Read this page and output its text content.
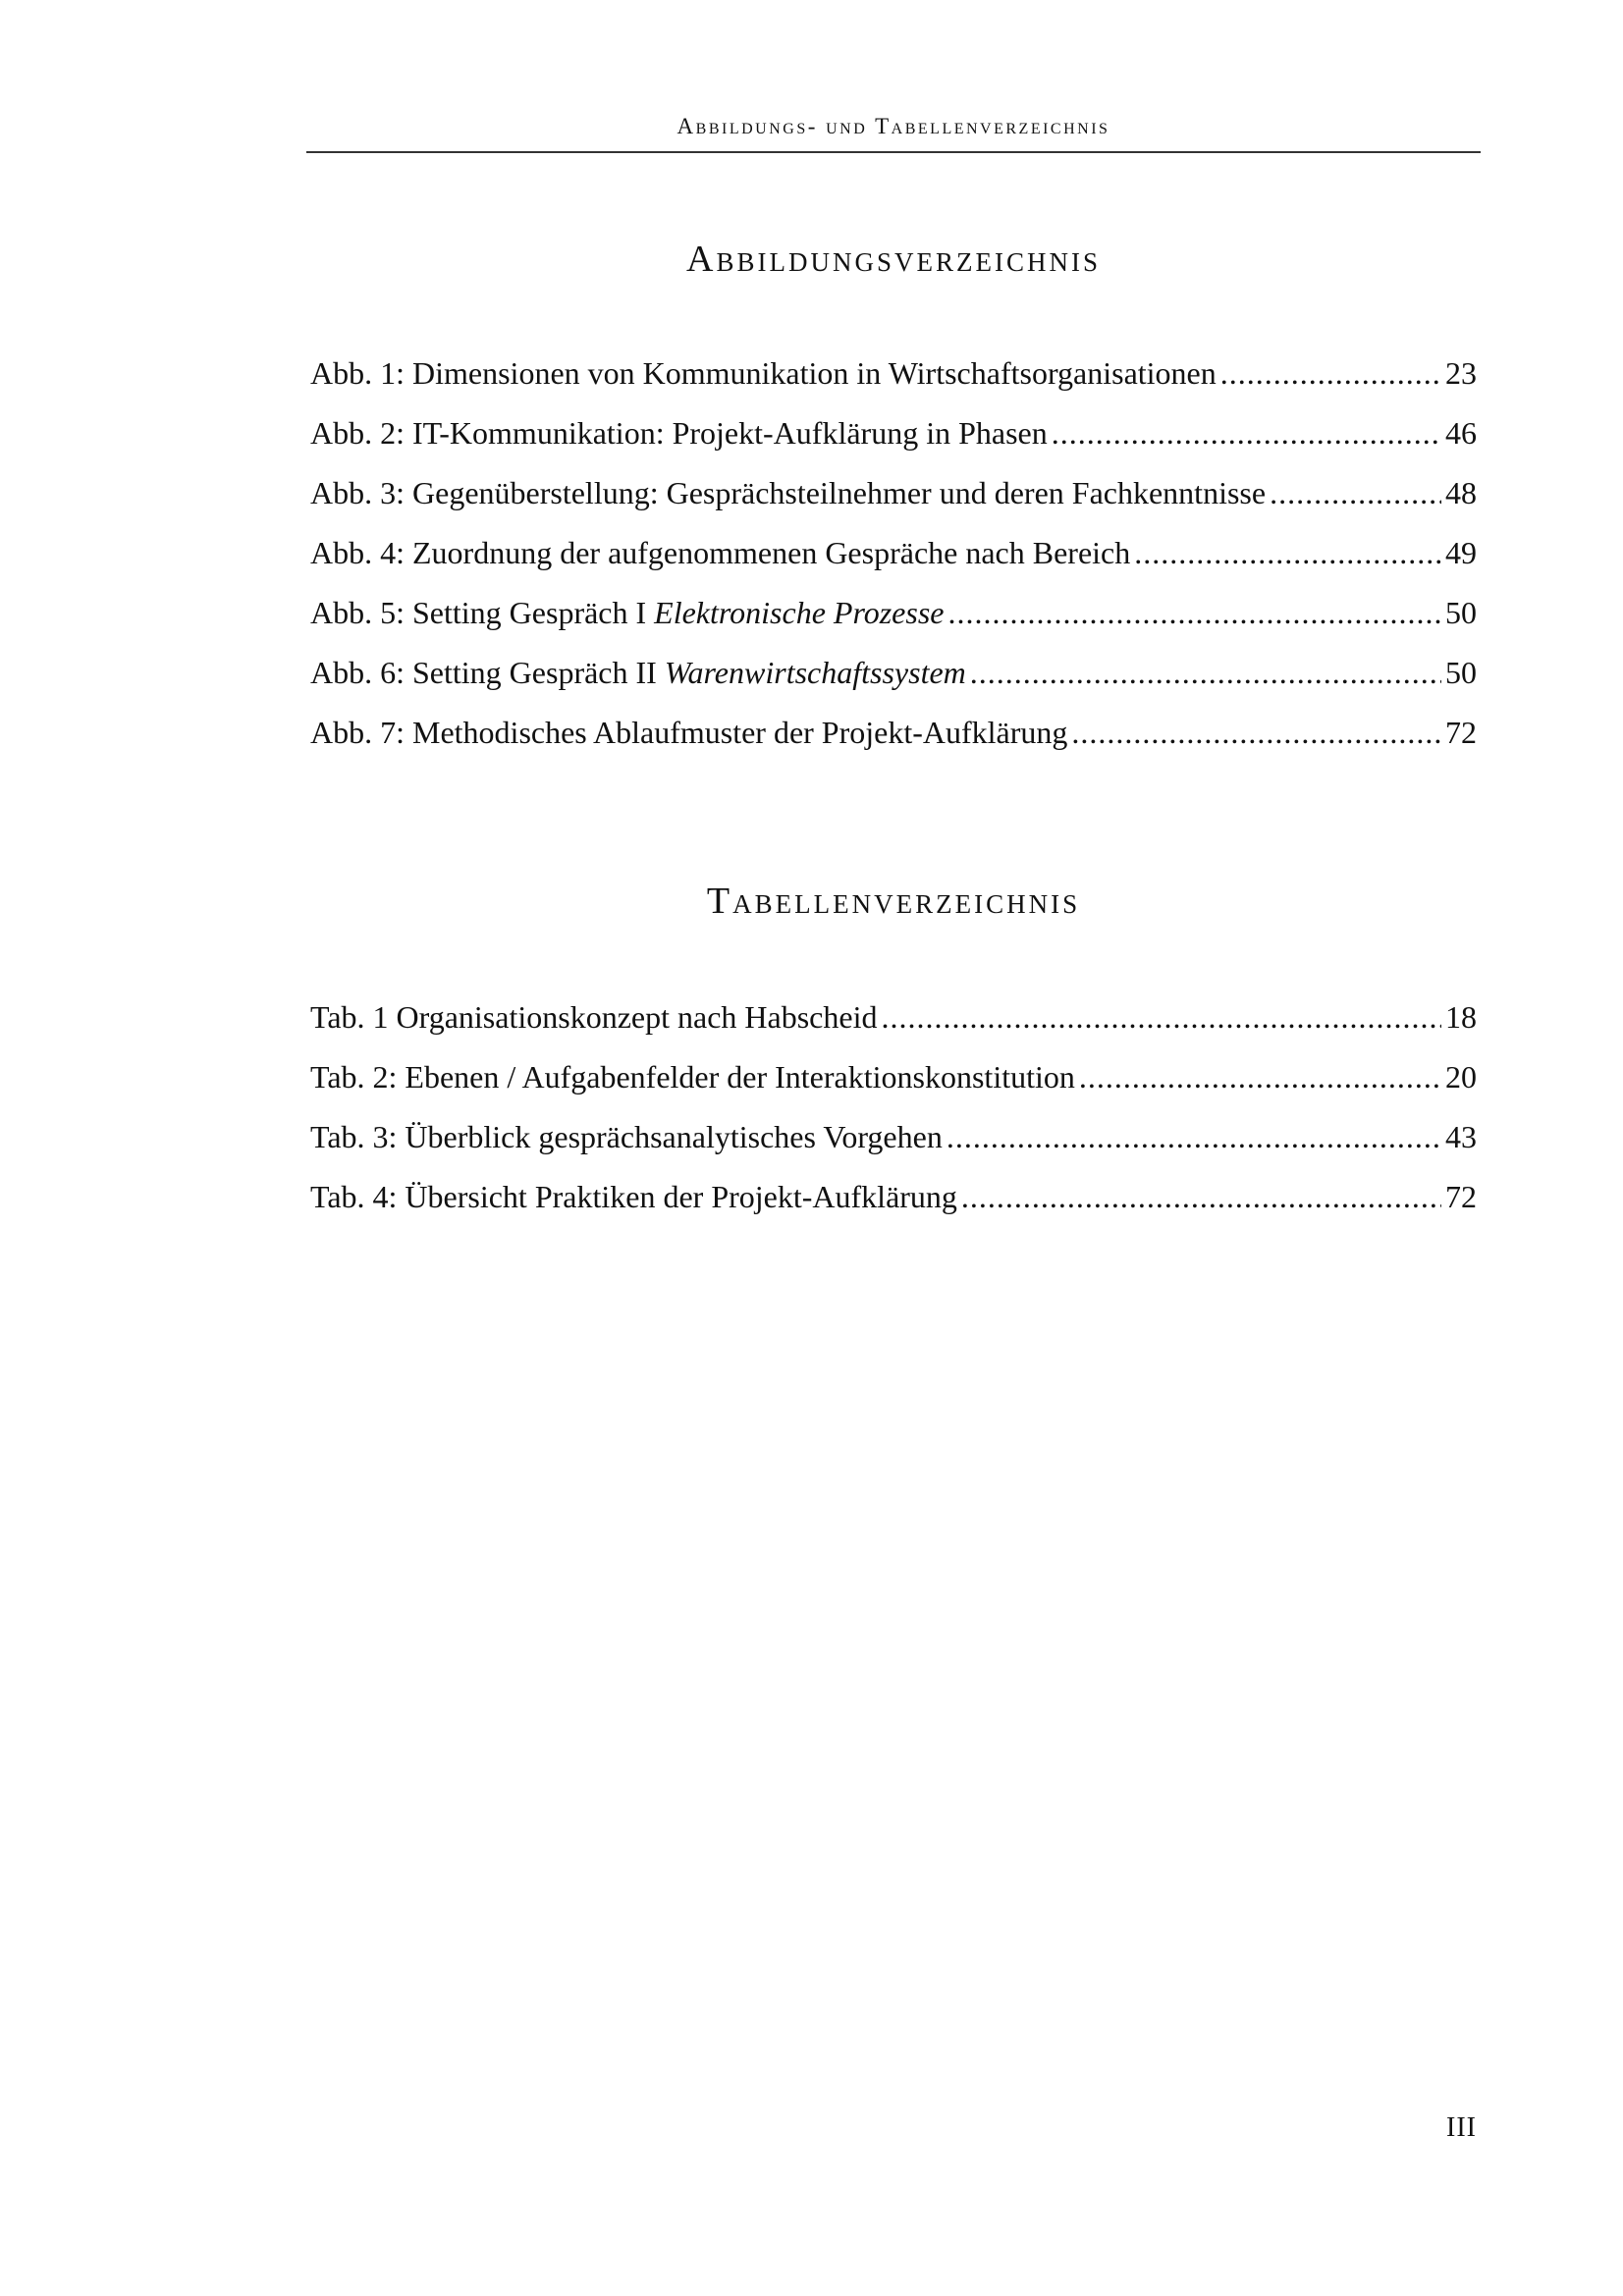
Abbildungs- und Tabellenverzeichnis
Abbildungsverzeichnis
Abb. 1: Dimensionen von Kommunikation in Wirtschaftsorganisationen .....	23
Abb. 2: IT-Kommunikation: Projekt-Aufklärung in Phasen .....	46
Abb. 3: Gegenüberstellung: Gesprächsteilnehmer und deren Fachkenntnisse .....	48
Abb. 4: Zuordnung der aufgenommenen Gespräche nach Bereich .....	49
Abb. 5: Setting Gespräch I Elektronische Prozesse .....	50
Abb. 6: Setting Gespräch II Warenwirtschaftssystem .....	50
Abb. 7: Methodisches Ablaufmuster der Projekt-Aufklärung .....	72
Tabellenverzeichnis
Tab. 1 Organisationskonzept nach Habscheid .....	18
Tab. 2: Ebenen / Aufgabenfelder der Interaktionskonstitution .....	20
Tab. 3: Überblick gesprächsanalytisches Vorgehen .....	43
Tab. 4: Übersicht Praktiken der Projekt-Aufklärung .....	72
III
